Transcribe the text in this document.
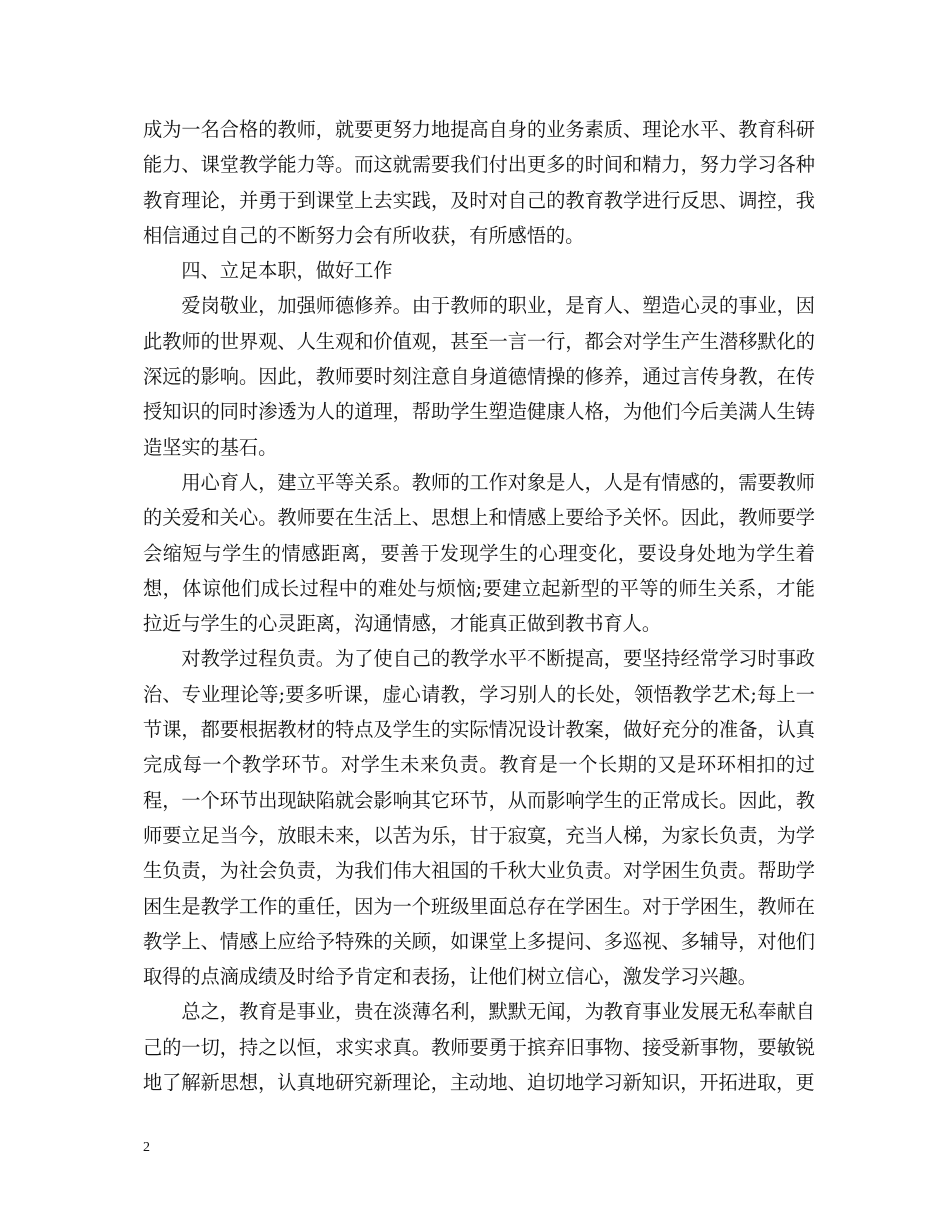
成为一名合格的教师，就要更努力地提高自身的业务素质、理论水平、教育科研能力、课堂教学能力等。而这就需要我们付出更多的时间和精力，努力学习各种教育理论，并勇于到课堂上去实践，及时对自己的教育教学进行反思、调控，我相信通过自己的不断努力会有所收获，有所感悟的。

四、立足本职，做好工作

爱岗敬业，加强师德修养。由于教师的职业，是育人、塑造心灵的事业，因此教师的世界观、人生观和价值观，甚至一言一行，都会对学生产生潜移默化的深远的影响。因此，教师要时刻注意自身道德情操的修养，通过言传身教，在传授知识的同时渗透为人的道理，帮助学生塑造健康人格，为他们今后美满人生铸造坚实的基石。

用心育人，建立平等关系。教师的工作对象是人，人是有情感的，需要教师的关爱和关心。教师要在生活上、思想上和情感上要给予关怀。因此，教师要学会缩短与学生的情感距离，要善于发现学生的心理变化，要设身处地为学生着想，体谅他们成长过程中的难处与烦恼;要建立起新型的平等的师生关系，才能拉近与学生的心灵距离，沟通情感，才能真正做到教书育人。

对教学过程负责。为了使自己的教学水平不断提高，要坚持经常学习时事政治、专业理论等;要多听课，虚心请教，学习别人的长处，领悟教学艺术;每上一节课，都要根据教材的特点及学生的实际情况设计教案，做好充分的准备，认真完成每一个教学环节。对学生未来负责。教育是一个长期的又是环环相扣的过程，一个环节出现缺陷就会影响其它环节，从而影响学生的正常成长。因此，教师要立足当今，放眼未来，以苦为乐，甘于寂寞，充当人梯，为家长负责，为学生负责，为社会负责，为我们伟大祖国的千秋大业负责。对学困生负责。帮助学困生是教学工作的重任，因为一个班级里面总存在学困生。对于学困生，教师在教学上、情感上应给予特殊的关顾，如课堂上多提问、多巡视、多辅导，对他们取得的点滴成绩及时给予肯定和表扬，让他们树立信心，激发学习兴趣。

总之，教育是事业，贵在淡薄名利，默默无闻，为教育事业发展无私奉献自己的一切，持之以恒，求实求真。教师要勇于摈弃旧事物、接受新事物，要敏锐地了解新思想，认真地研究新理论，主动地、迫切地学习新知识，开拓进取，更

2
